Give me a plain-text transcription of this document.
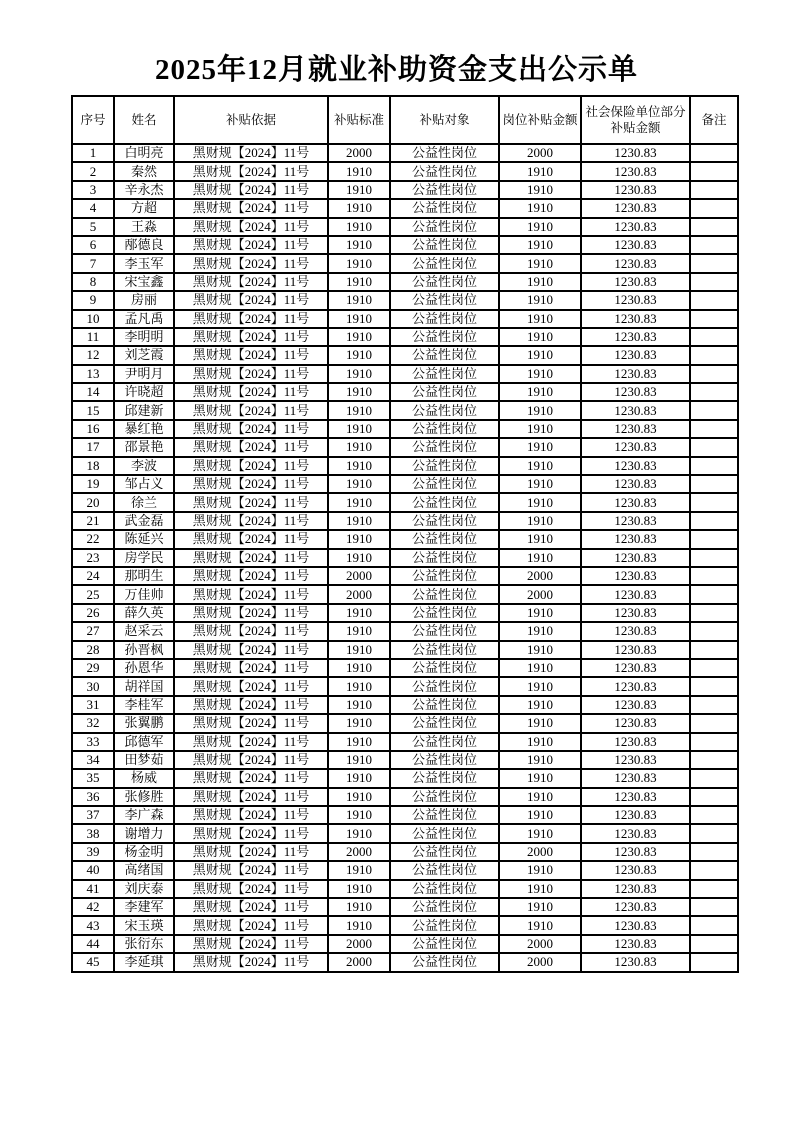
2025年12月就业补助资金支出公示单
序号	姓名	补贴依据	补贴标准	补贴对象	岗位补贴金额	社会保险单位部分补贴金额	备注
1	白明亮	黑财规【2024】11号	2000	公益性岗位	2000	1230.83	
2	秦然	黑财规【2024】11号	1910	公益性岗位	1910	1230.83	
3	辛永杰	黑财规【2024】11号	1910	公益性岗位	1910	1230.83	
4	方超	黑财规【2024】11号	1910	公益性岗位	1910	1230.83	
5	王淼	黑财规【2024】11号	1910	公益性岗位	1910	1230.83	
6	邴德良	黑财规【2024】11号	1910	公益性岗位	1910	1230.83	
7	李玉军	黑财规【2024】11号	1910	公益性岗位	1910	1230.83	
8	宋宝鑫	黑财规【2024】11号	1910	公益性岗位	1910	1230.83	
9	房丽	黑财规【2024】11号	1910	公益性岗位	1910	1230.83	
10	孟凡禹	黑财规【2024】11号	1910	公益性岗位	1910	1230.83	
11	李明明	黑财规【2024】11号	1910	公益性岗位	1910	1230.83	
12	刘芝霞	黑财规【2024】11号	1910	公益性岗位	1910	1230.83	
13	尹明月	黑财规【2024】11号	1910	公益性岗位	1910	1230.83	
14	许晓超	黑财规【2024】11号	1910	公益性岗位	1910	1230.83	
15	邱建新	黑财规【2024】11号	1910	公益性岗位	1910	1230.83	
16	暴红艳	黑财规【2024】11号	1910	公益性岗位	1910	1230.83	
17	邵景艳	黑财规【2024】11号	1910	公益性岗位	1910	1230.83	
18	李波	黑财规【2024】11号	1910	公益性岗位	1910	1230.83	
19	邹占义	黑财规【2024】11号	1910	公益性岗位	1910	1230.83	
20	徐兰	黑财规【2024】11号	1910	公益性岗位	1910	1230.83	
21	武金磊	黑财规【2024】11号	1910	公益性岗位	1910	1230.83	
22	陈延兴	黑财规【2024】11号	1910	公益性岗位	1910	1230.83	
23	房学民	黑财规【2024】11号	1910	公益性岗位	1910	1230.83	
24	那明生	黑财规【2024】11号	2000	公益性岗位	2000	1230.83	
25	万佳帅	黑财规【2024】11号	2000	公益性岗位	2000	1230.83	
26	薛久英	黑财规【2024】11号	1910	公益性岗位	1910	1230.83	
27	赵采云	黑财规【2024】11号	1910	公益性岗位	1910	1230.83	
28	孙晋枫	黑财规【2024】11号	1910	公益性岗位	1910	1230.83	
29	孙恩华	黑财规【2024】11号	1910	公益性岗位	1910	1230.83	
30	胡祥国	黑财规【2024】11号	1910	公益性岗位	1910	1230.83	
31	李桂军	黑财规【2024】11号	1910	公益性岗位	1910	1230.83	
32	张翼鹏	黑财规【2024】11号	1910	公益性岗位	1910	1230.83	
33	邱德军	黑财规【2024】11号	1910	公益性岗位	1910	1230.83	
34	田梦茹	黑财规【2024】11号	1910	公益性岗位	1910	1230.83	
35	杨威	黑财规【2024】11号	1910	公益性岗位	1910	1230.83	
36	张修胜	黑财规【2024】11号	1910	公益性岗位	1910	1230.83	
37	李广森	黑财规【2024】11号	1910	公益性岗位	1910	1230.83	
38	谢增力	黑财规【2024】11号	1910	公益性岗位	1910	1230.83	
39	杨金明	黑财规【2024】11号	2000	公益性岗位	2000	1230.83	
40	高绪国	黑财规【2024】11号	1910	公益性岗位	1910	1230.83	
41	刘庆泰	黑财规【2024】11号	1910	公益性岗位	1910	1230.83	
42	李建军	黑财规【2024】11号	1910	公益性岗位	1910	1230.83	
43	宋玉瑛	黑财规【2024】11号	1910	公益性岗位	1910	1230.83	
44	张衍东	黑财规【2024】11号	2000	公益性岗位	2000	1230.83	
45	李延琪	黑财规【2024】11号	2000	公益性岗位	2000	1230.83	
